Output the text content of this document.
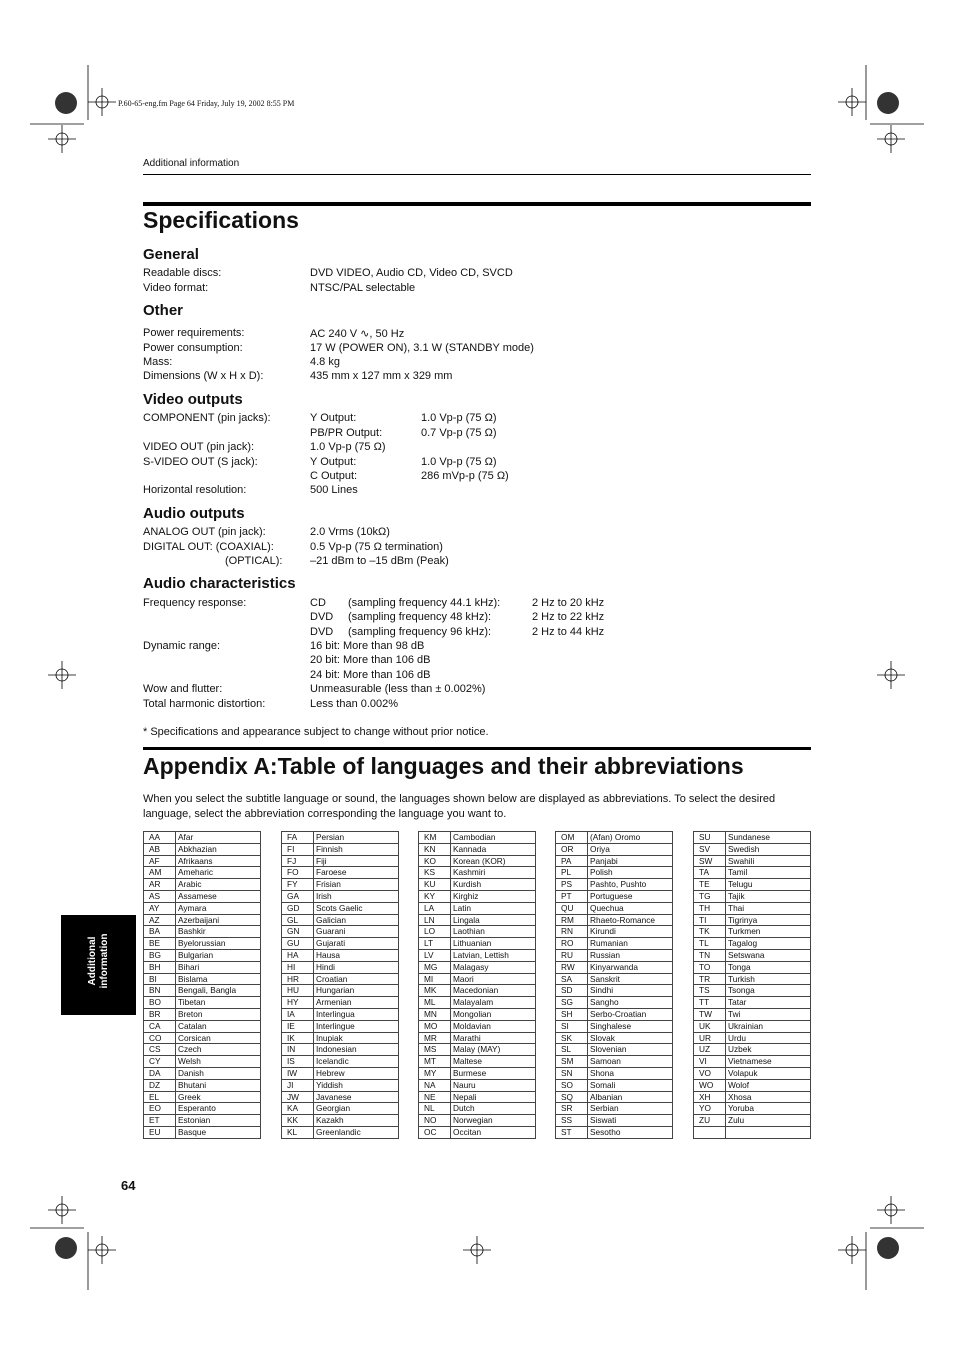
P.60-65-eng.fm Page 64 Friday, July 19, 2002 8:55 PM
Additional information
Specifications
General
Readable discs:	DVD VIDEO, Audio CD, Video CD, SVCD
Video format:	NTSC/PAL selectable
Other
Power requirements:	AC 240 V ∿, 50 Hz
Power consumption:	17 W (POWER ON), 3.1 W (STANDBY mode)
Mass:	4.8 kg
Dimensions (W x H x D):	435 mm x 127 mm x 329 mm
Video outputs
COMPONENT (pin jacks):	Y Output:	1.0 Vp-p (75 Ω)
PB/PR Output:	0.7 Vp-p (75 Ω)
VIDEO OUT (pin jack):	1.0 Vp-p (75 Ω)
S-VIDEO OUT (S jack):	Y Output:	1.0 Vp-p (75 Ω)
C Output:	286 mVp-p (75 Ω)
Horizontal resolution:	500 Lines
Audio outputs
ANALOG OUT (pin jack):	2.0 Vrms (10kΩ)
DIGITAL OUT: (COAXIAL):	0.5 Vp-p (75 Ω termination)
(OPTICAL):	–21 dBm to –15 dBm (Peak)
Audio characteristics
Frequency response:	CD (sampling frequency 44.1 kHz):	2 Hz to 20 kHz
DVD (sampling frequency 48 kHz):	2 Hz to 22 kHz
DVD (sampling frequency 96 kHz):	2 Hz to 44 kHz
Dynamic range:	16 bit: More than 98 dB
20 bit: More than 106 dB
24 bit: More than 106 dB
Wow and flutter:	Unmeasurable (less than ± 0.002%)
Total harmonic distortion:	Less than 0.002%
* Specifications and appearance subject to change without prior notice.
Appendix A:Table of languages and their abbreviations
When you select the subtitle language or sound, the languages shown below are displayed as abbreviations. To select the desired language, select the abbreviation corresponding the language you want to.
AA	Afar
AB	Abkhazian
AF	Afrikaans
AM	Ameharic
AR	Arabic
AS	Assamese
AY	Aymara
AZ	Azerbaijani
BA	Bashkir
BE	Byelorussian
BG	Bulgarian
BH	Bihari
BI	Bislama
BN	Bengali, Bangla
BO	Tibetan
BR	Breton
CA	Catalan
CO	Corsican
CS	Czech
CY	Welsh
DA	Danish
DZ	Bhutani
EL	Greek
EO	Esperanto
ET	Estonian
EU	Basque
FA	Persian
FI	Finnish
FJ	Fiji
FO	Faroese
FY	Frisian
GA	Irish
GD	Scots Gaelic
GL	Galician
GN	Guarani
GU	Gujarati
HA	Hausa
HI	Hindi
HR	Croatian
HU	Hungarian
HY	Armenian
IA	Interlingua
IE	Interlingue
IK	Inupiak
IN	Indonesian
IS	Icelandic
IW	Hebrew
JI	Yiddish
JW	Javanese
KA	Georgian
KK	Kazakh
KL	Greenlandic
KM	Cambodian
KN	Kannada
KO	Korean (KOR)
KS	Kashmiri
KU	Kurdish
KY	Kirghiz
LA	Latin
LN	Lingala
LO	Laothian
LT	Lithuanian
LV	Latvian, Lettish
MG	Malagasy
MI	Maori
MK	Macedonian
ML	Malayalam
MN	Mongolian
MO	Moldavian
MR	Marathi
MS	Malay (MAY)
MT	Maltese
MY	Burmese
NA	Nauru
NE	Nepali
NL	Dutch
NO	Norwegian
OC	Occitan
OM	(Afan) Oromo
OR	Oriya
PA	Panjabi
PL	Polish
PS	Pashto, Pushto
PT	Portuguese
QU	Quechua
RM	Rhaeto-Romance
RN	Kirundi
RO	Rumanian
RU	Russian
RW	Kinyarwanda
SA	Sanskrit
SD	Sindhi
SG	Sangho
SH	Serbo-Croatian
SI	Singhalese
SK	Slovak
SL	Slovenian
SM	Samoan
SN	Shona
SO	Somali
SQ	Albanian
SR	Serbian
SS	Siswati
ST	Sesotho
SU	Sundanese
SV	Swedish
SW	Swahili
TA	Tamil
TE	Telugu
TG	Tajik
TH	Thai
TI	Tigrinya
TK	Turkmen
TL	Tagalog
TN	Setswana
TO	Tonga
TR	Turkish
TS	Tsonga
TT	Tatar
TW	Twi
UK	Ukrainian
UR	Urdu
UZ	Uzbek
VI	Vietnamese
VO	Volapuk
WO	Wolof
XH	Xhosa
YO	Yoruba
ZU	Zulu

Additional information
64
